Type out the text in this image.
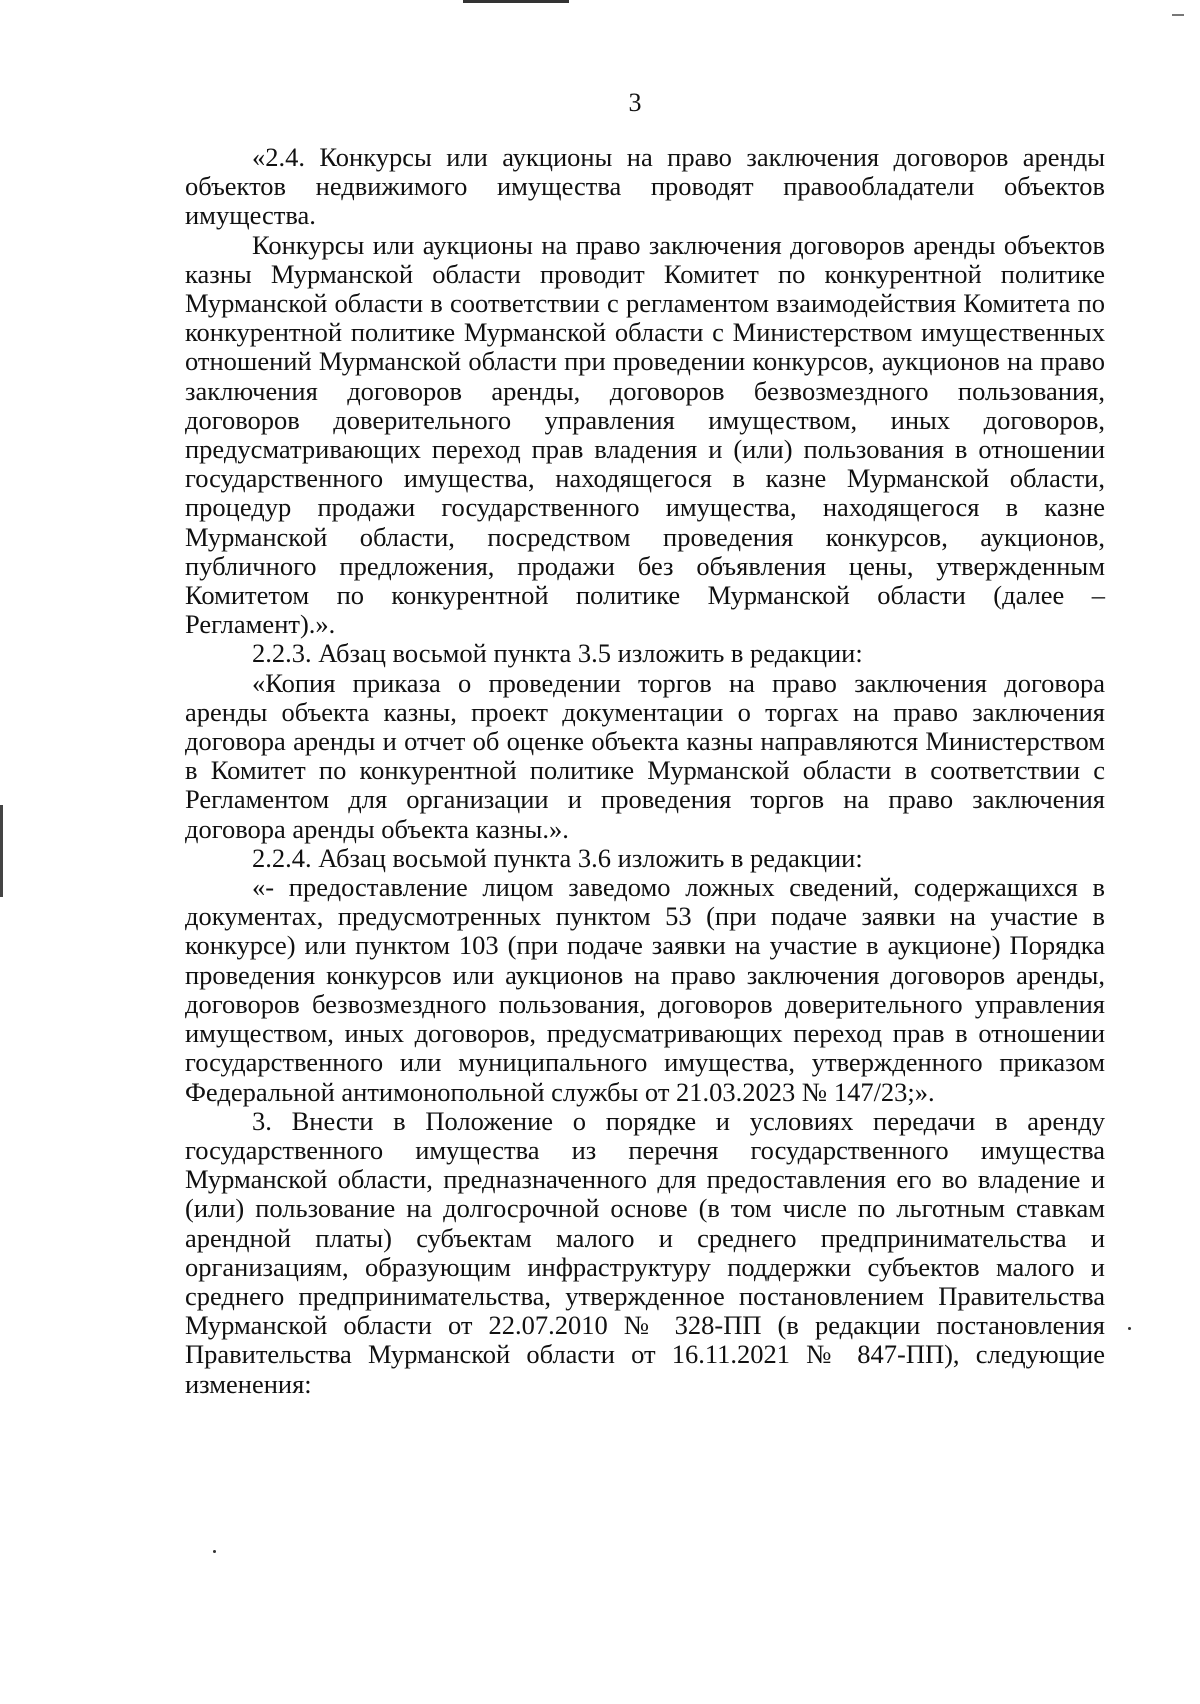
3

«2.4. Конкурсы или аукционы на право заключения договоров аренды объектов недвижимого имущества проводят правообладатели объектов имущества.

Конкурсы или аукционы на право заключения договоров аренды объектов казны Мурманской области проводит Комитет по конкурентной политике Мурманской области в соответствии с регламентом взаимодействия Комитета по конкурентной политике Мурманской области с Министерством имущественных отношений Мурманской области при проведении конкурсов, аукционов на право заключения договоров аренды, договоров безвозмездного пользования, договоров доверительного управления имуществом, иных договоров, предусматривающих переход прав владения и (или) пользования в отношении государственного имущества, находящегося в казне Мурманской области, процедур продажи государственного имущества, находящегося в казне Мурманской области, посредством проведения конкурсов, аукционов, публичного предложения, продажи без объявления цены, утвержденным Комитетом по конкурентной политике Мурманской области (далее – Регламент).».

2.2.3. Абзац восьмой пункта 3.5 изложить в редакции:

«Копия приказа о проведении торгов на право заключения договора аренды объекта казны, проект документации о торгах на право заключения договора аренды и отчет об оценке объекта казны направляются Министерством в Комитет по конкурентной политике Мурманской области в соответствии с Регламентом для организации и проведения торгов на право заключения договора аренды объекта казны.».

2.2.4. Абзац восьмой пункта 3.6 изложить в редакции:

«- предоставление лицом заведомо ложных сведений, содержащихся в документах, предусмотренных пунктом 53 (при подаче заявки на участие в конкурсе) или пунктом 103 (при подаче заявки на участие в аукционе) Порядка проведения конкурсов или аукционов на право заключения договоров аренды, договоров безвозмездного пользования, договоров доверительного управления имуществом, иных договоров, предусматривающих переход прав в отношении государственного или муниципального имущества, утвержденного приказом Федеральной антимонопольной службы от 21.03.2023 № 147/23;».

3. Внести в Положение о порядке и условиях передачи в аренду государственного имущества из перечня государственного имущества Мурманской области, предназначенного для предоставления его во владение и (или) пользование на долгосрочной основе (в том числе по льготным ставкам арендной платы) субъектам малого и среднего предпринимательства и организациям, образующим инфраструктуру поддержки субъектов малого и среднего предпринимательства, утвержденное постановлением Правительства Мурманской области от 22.07.2010 № 328-ПП (в редакции постановления Правительства Мурманской области от 16.11.2021 № 847-ПП), следующие изменения:
